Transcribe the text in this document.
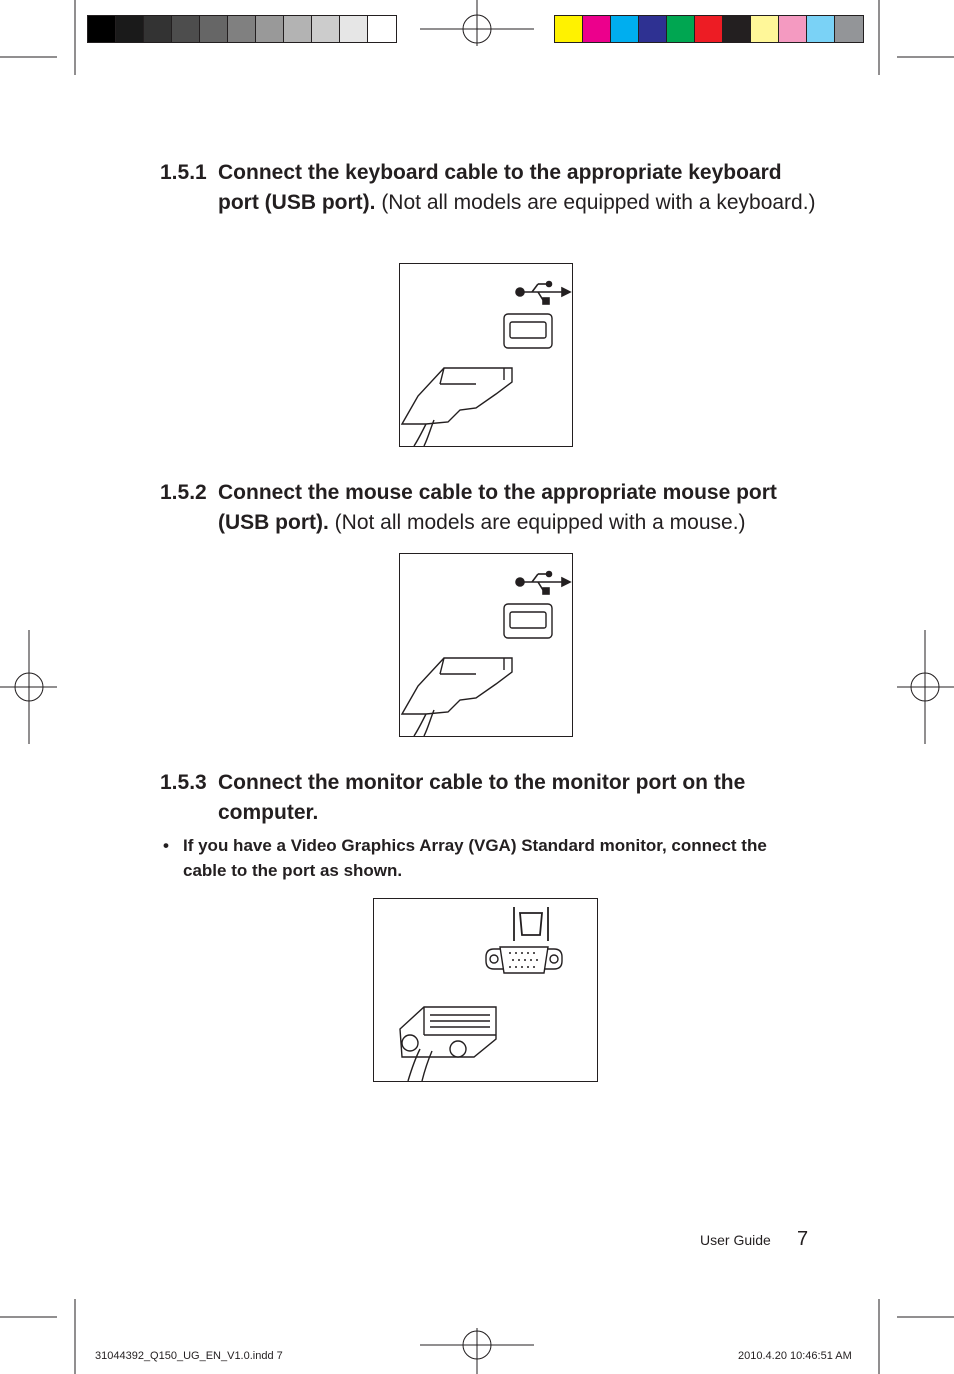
1.5.1 Connect the keyboard cable to the appropriate keyboard port (USB port). (Not all models are equipped with a keyboard.)
1.5.2 Connect the mouse cable to the appropriate mouse port (USB port). (Not all models are equipped with a mouse.)
1.5.3 Connect the monitor cable to the monitor port on the computer.
• If you have a Video Graphics Array (VGA) Standard monitor, connect the cable to the port as shown.
User Guide 7
31044392_Q150_UG_EN_V1.0.indd 7	2010.4.20 10:46:51 AM
